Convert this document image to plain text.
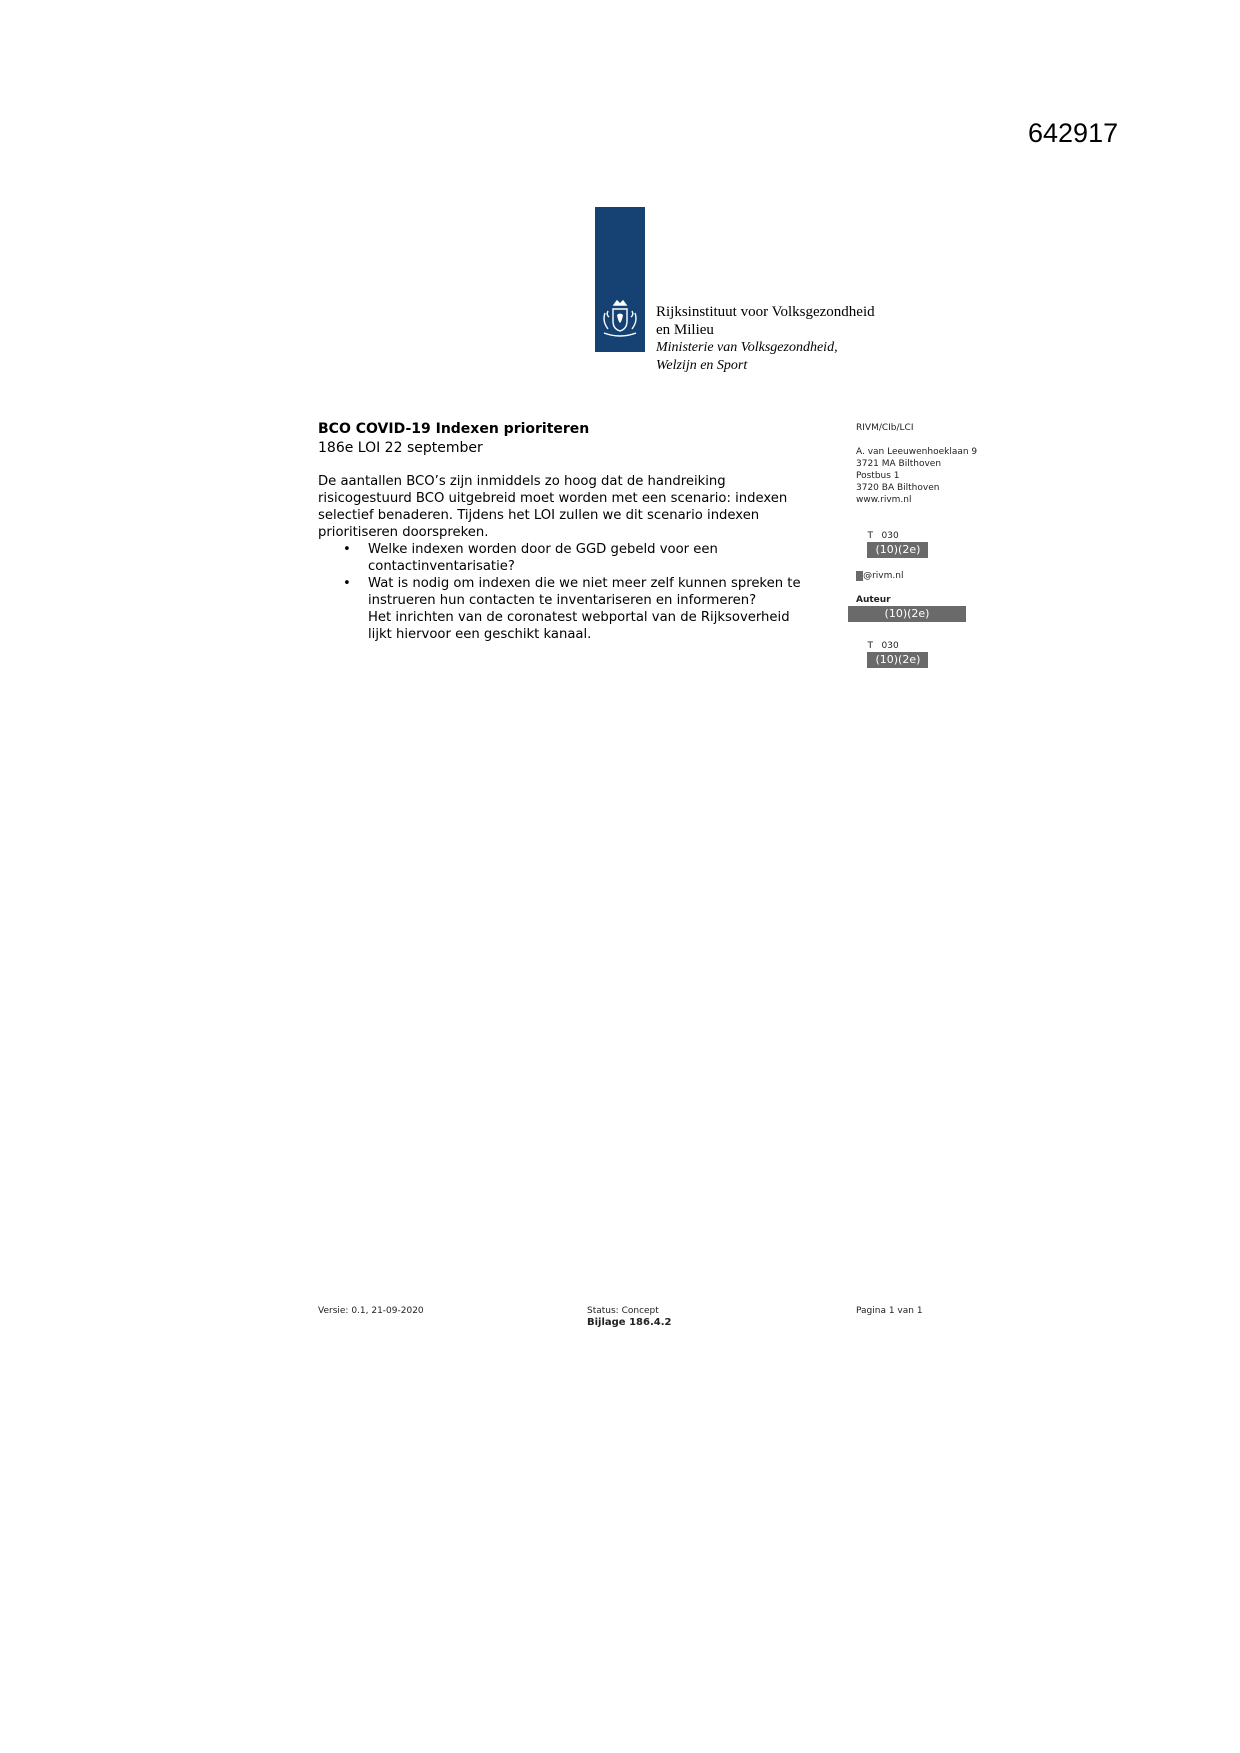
642917
Rijksinstituut voor Volksgezondheid
en Milieu
Ministerie van Volksgezondheid,
Welzijn en Sport
BCO COVID-19 Indexen prioriteren
186e LOI 22 september

De aantallen BCO’s zijn inmiddels zo hoog dat de handreiking
risicogestuurd BCO uitgebreid moet worden met een scenario: indexen
selectief benaderen. Tijdens het LOI zullen we dit scenario indexen
prioritiseren doorspreken.

• Welke indexen worden door de GGD gebeld voor een
contactinventarisatie?
• Wat is nodig om indexen die we niet meer zelf kunnen spreken te
instrueren hun contacten te inventariseren en informeren?
Het inrichten van de coronatest webportal van de Rijksoverheid
lijkt hiervoor een geschikt kanaal.
RIVM/CIb/LCI
A. van Leeuwenhoeklaan 9
3721 MA Bilthoven
Postbus 1
3720 BA Bilthoven
www.rivm.nl

T   030
(10)(2e)

@rivm.nl
Auteur
(10)(2e)

T   030
(10)(2e)

Versie: 0.1, 21-09-2020	Status: Concept
Bijlage 186.4.2
Pagina 1 van 1
